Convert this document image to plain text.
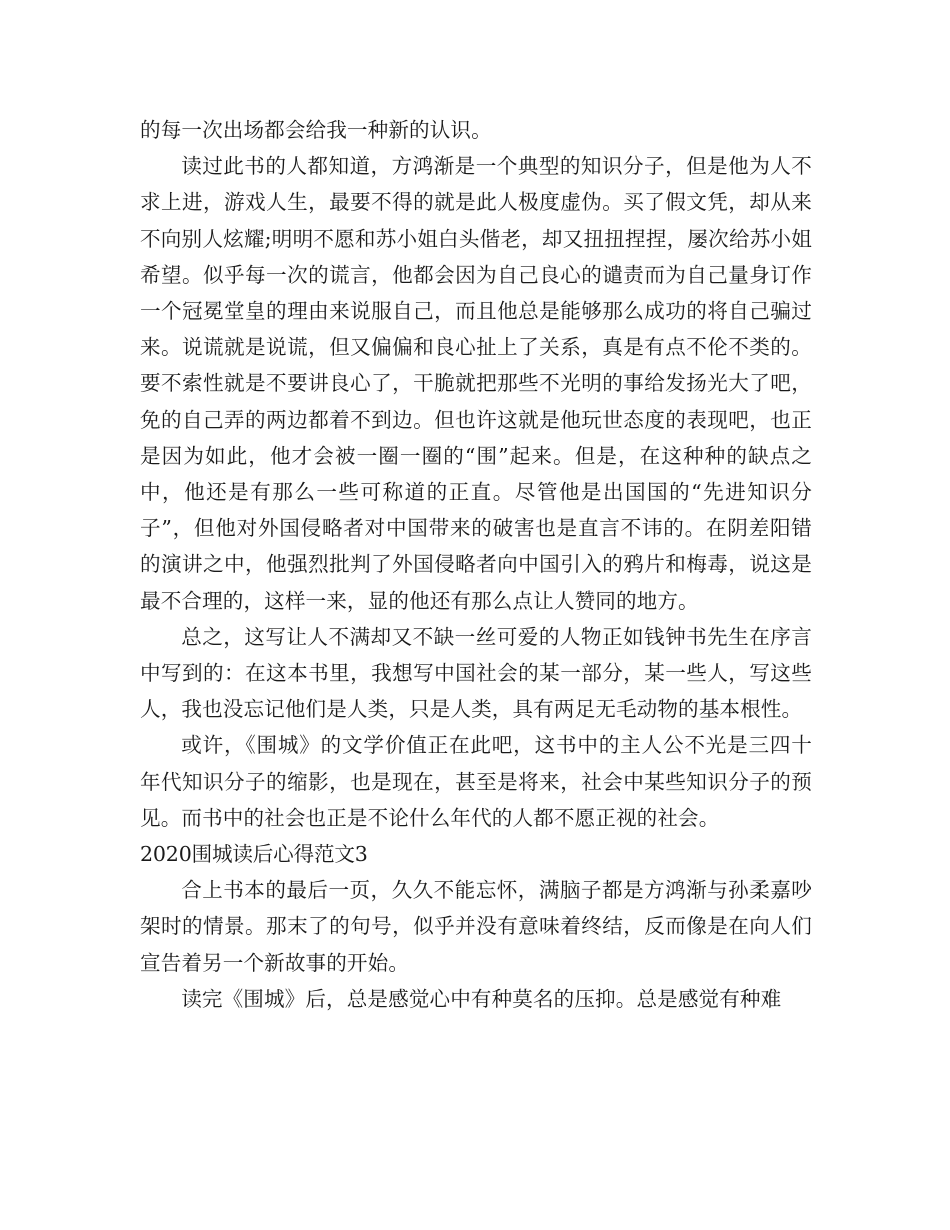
的每一次出场都会给我一种新的认识。

读过此书的人都知道，方鸿渐是一个典型的知识分子，但是他为人不求上进，游戏人生，最要不得的就是此人极度虚伪。买了假文凭，却从来不向别人炫耀;明明不愿和苏小姐白头偕老，却又扭扭捏捏，屡次给苏小姐希望。似乎每一次的谎言，他都会因为自己良心的谴责而为自己量身订作一个冠冕堂皇的理由来说服自己，而且他总是能够那么成功的将自己骗过来。说谎就是说谎，但又偏偏和良心扯上了关系，真是有点不伦不类的。要不索性就是不要讲良心了，干脆就把那些不光明的事给发扬光大了吧，免的自己弄的两边都着不到边。但也许这就是他玩世态度的表现吧，也正是因为如此，他才会被一圈一圈的“围”起来。但是，在这种种的缺点之中，他还是有那么一些可称道的正直。尽管他是出国国的“先进知识分子”，但他对外国侵略者对中国带来的破害也是直言不讳的。在阴差阳错的演讲之中，他强烈批判了外国侵略者向中国引入的鸦片和梅毒，说这是最不合理的，这样一来，显的他还有那么点让人赞同的地方。

总之，这写让人不满却又不缺一丝可爱的人物正如钱钟书先生在序言中写到的：在这本书里，我想写中国社会的某一部分，某一些人，写这些人，我也没忘记他们是人类，只是人类，具有两足无毛动物的基本根性。

或许，《围城》的文学价值正在此吧，这书中的主人公不光是三四十年代知识分子的缩影，也是现在，甚至是将来，社会中某些知识分子的预见。而书中的社会也正是不论什么年代的人都不愿正视的社会。

2020围城读后心得范文3

合上书本的最后一页，久久不能忘怀，满脑子都是方鸿渐与孙柔嘉吵架时的情景。那末了的句号，似乎并没有意味着终结，反而像是在向人们宣告着另一个新故事的开始。

读完《围城》后，总是感觉心中有种莫名的压抑。总是感觉有种难
